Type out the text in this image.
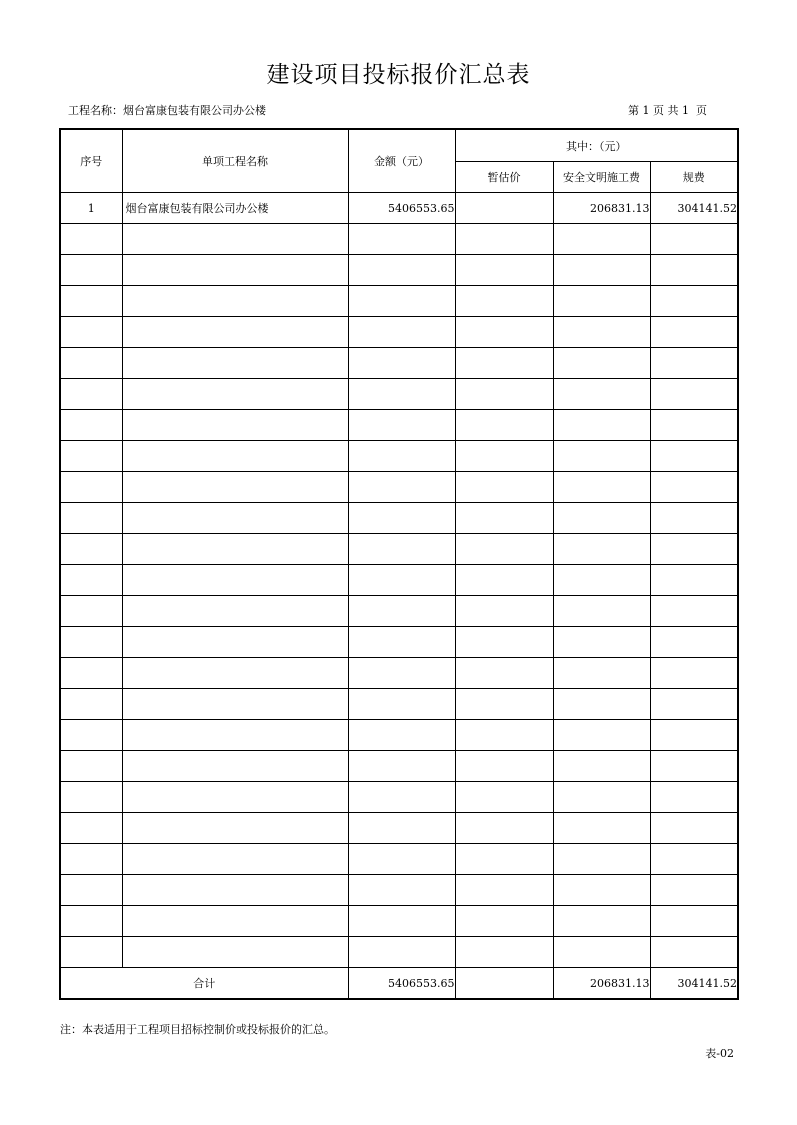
建设项目投标报价汇总表
工程名称：烟台富康包装有限公司办公楼	第 1 页 共 1  页
序号	单项工程名称	金额（元）	其中：（元）		
			暂估价	安全文明施工费	规费
1	烟台富康包装有限公司办公楼	5406553.65		206831.13	304141.52

合计		5406553.65		206831.13	304141.52
注：本表适用于工程项目招标控制价或投标报价的汇总。
表-02
